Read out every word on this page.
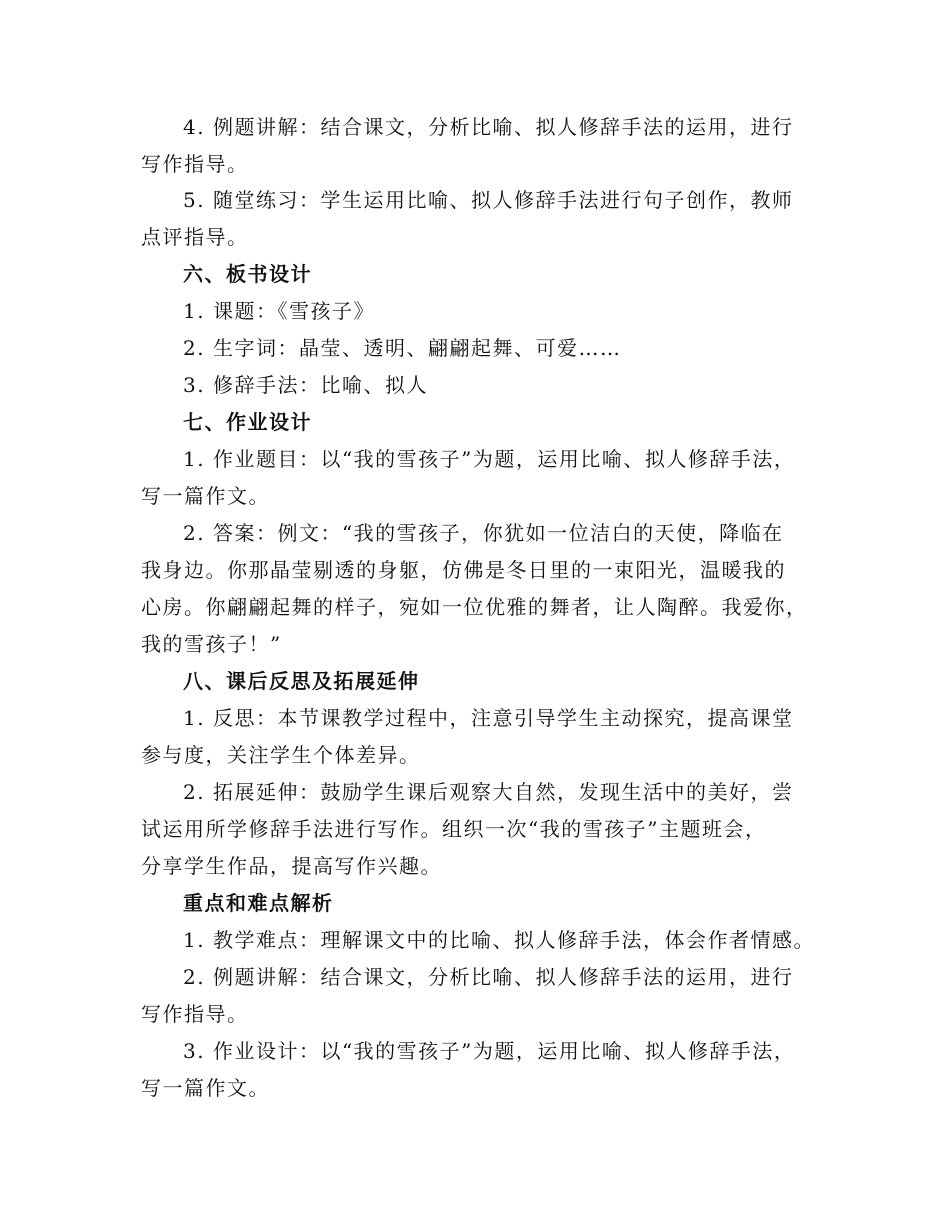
4. 例题讲解：结合课文，分析比喻、拟人修辞手法的运用，进行
写作指导。
5. 随堂练习：学生运用比喻、拟人修辞手法进行句子创作，教师
点评指导。
六、板书设计
1. 课题：《雪孩子》
2. 生字词：晶莹、透明、翩翩起舞、可爱……
3. 修辞手法：比喻、拟人
七、作业设计
1. 作业题目：以“我的雪孩子”为题，运用比喻、拟人修辞手法，
写一篇作文。
2. 答案：例文：“我的雪孩子，你犹如一位洁白的天使，降临在
我身边。你那晶莹剔透的身躯，仿佛是冬日里的一束阳光，温暖我的
心房。你翩翩起舞的样子，宛如一位优雅的舞者，让人陶醉。我爱你，
我的雪孩子！”
八、课后反思及拓展延伸
1. 反思：本节课教学过程中，注意引导学生主动探究，提高课堂
参与度，关注学生个体差异。
2. 拓展延伸：鼓励学生课后观察大自然，发现生活中的美好，尝
试运用所学修辞手法进行写作。组织一次“我的雪孩子”主题班会，
分享学生作品，提高写作兴趣。
重点和难点解析
1. 教学难点：理解课文中的比喻、拟人修辞手法，体会作者情感。
2. 例题讲解：结合课文，分析比喻、拟人修辞手法的运用，进行
写作指导。
3. 作业设计：以“我的雪孩子”为题，运用比喻、拟人修辞手法，
写一篇作文。
